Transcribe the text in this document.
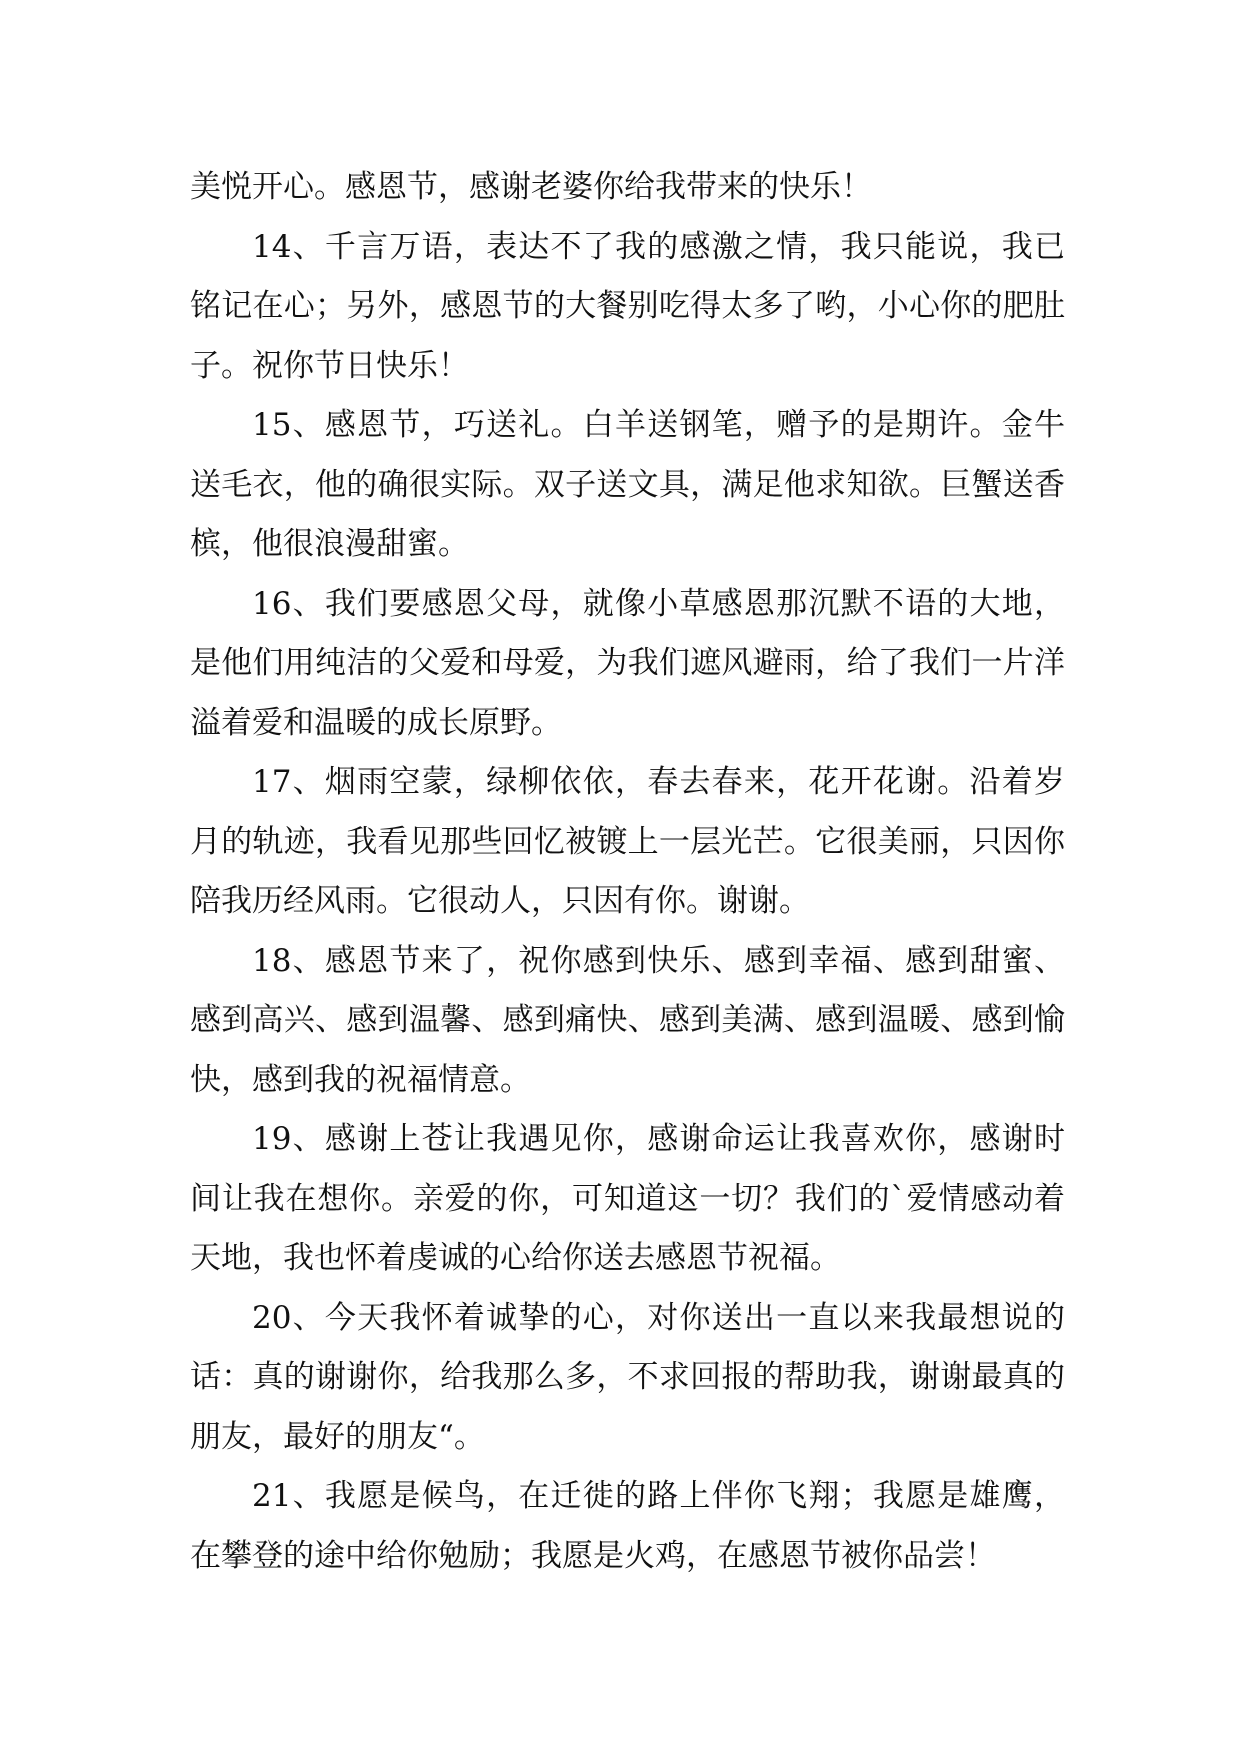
美悦开心。感恩节，感谢老婆你给我带来的快乐！

14、千言万语，表达不了我的感激之情，我只能说，我已铭记在心；另外，感恩节的大餐别吃得太多了哟，小心你的肥肚子。祝你节日快乐！

15、感恩节，巧送礼。白羊送钢笔，赠予的是期许。金牛送毛衣，他的确很实际。双子送文具，满足他求知欲。巨蟹送香槟，他很浪漫甜蜜。

16、我们要感恩父母，就像小草感恩那沉默不语的大地，是他们用纯洁的父爱和母爱，为我们遮风避雨，给了我们一片洋溢着爱和温暖的成长原野。

17、烟雨空蒙，绿柳依依，春去春来，花开花谢。沿着岁月的轨迹，我看见那些回忆被镀上一层光芒。它很美丽，只因你陪我历经风雨。它很动人，只因有你。谢谢。

18、感恩节来了，祝你感到快乐、感到幸福、感到甜蜜、感到高兴、感到温馨、感到痛快、感到美满、感到温暖、感到愉快，感到我的祝福情意。

19、感谢上苍让我遇见你，感谢命运让我喜欢你，感谢时间让我在想你。亲爱的你，可知道这一切？我们的`爱情感动着天地，我也怀着虔诚的心给你送去感恩节祝福。

20、今天我怀着诚挚的心，对你送出一直以来我最想说的话：真的谢谢你，给我那么多，不求回报的帮助我，谢谢最真的朋友，最好的朋友“。

21、我愿是候鸟，在迁徙的路上伴你飞翔；我愿是雄鹰，在攀登的途中给你勉励；我愿是火鸡，在感恩节被你品尝！
